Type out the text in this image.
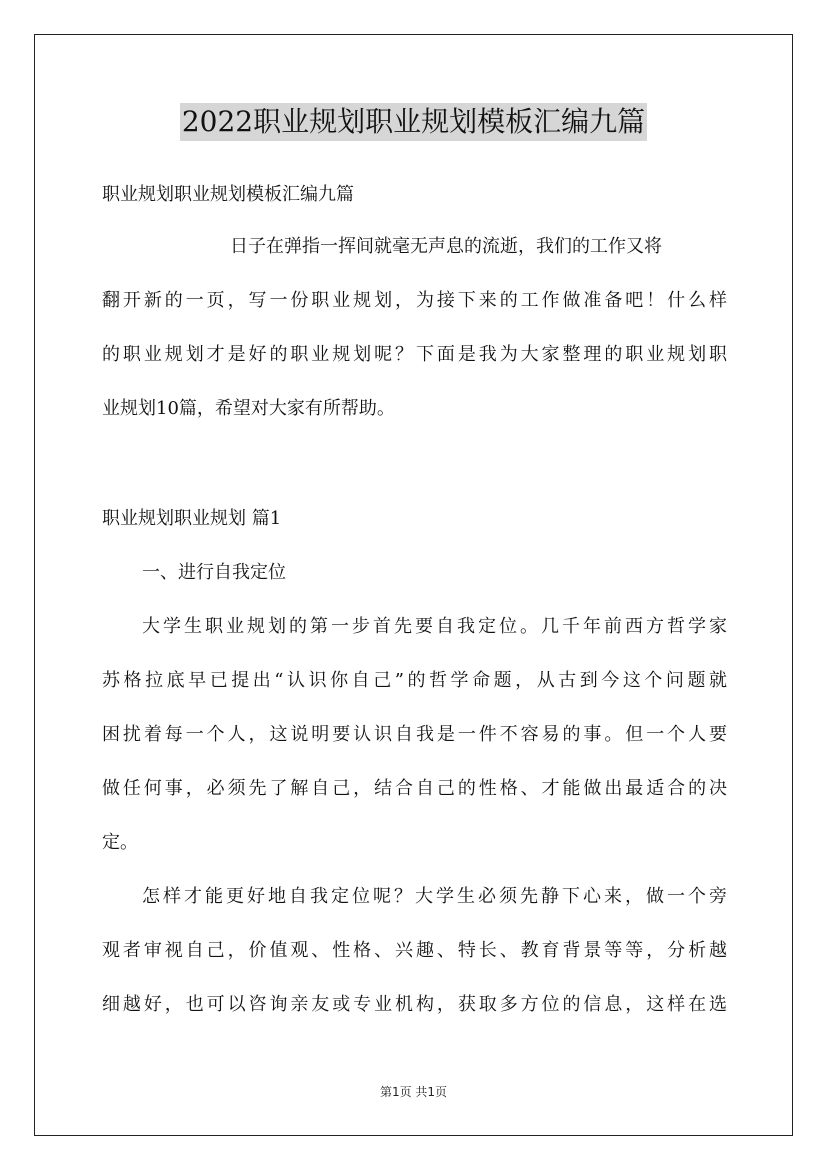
2022职业规划职业规划模板汇编九篇
职业规划职业规划模板汇编九篇
日子在弹指一挥间就毫无声息的流逝，我们的工作又将
翻开新的一页，写一份职业规划，为接下来的工作做准备吧！什么样
的职业规划才是好的职业规划呢？下面是我为大家整理的职业规划职
业规划10篇，希望对大家有所帮助。
职业规划职业规划 篇1
一、进行自我定位
大学生职业规划的第一步首先要自我定位。几千年前西方哲学家
苏格拉底早已提出“认识你自己”的哲学命题，从古到今这个问题就
困扰着每一个人，这说明要认识自我是一件不容易的事。但一个人要
做任何事，必须先了解自己，结合自己的性格、才能做出最适合的决
定。
怎样才能更好地自我定位呢？大学生必须先静下心来，做一个旁
观者审视自己，价值观、性格、兴趣、特长、教育背景等等，分析越
细越好，也可以咨询亲友或专业机构，获取多方位的信息，这样在选
第1页 共1页
